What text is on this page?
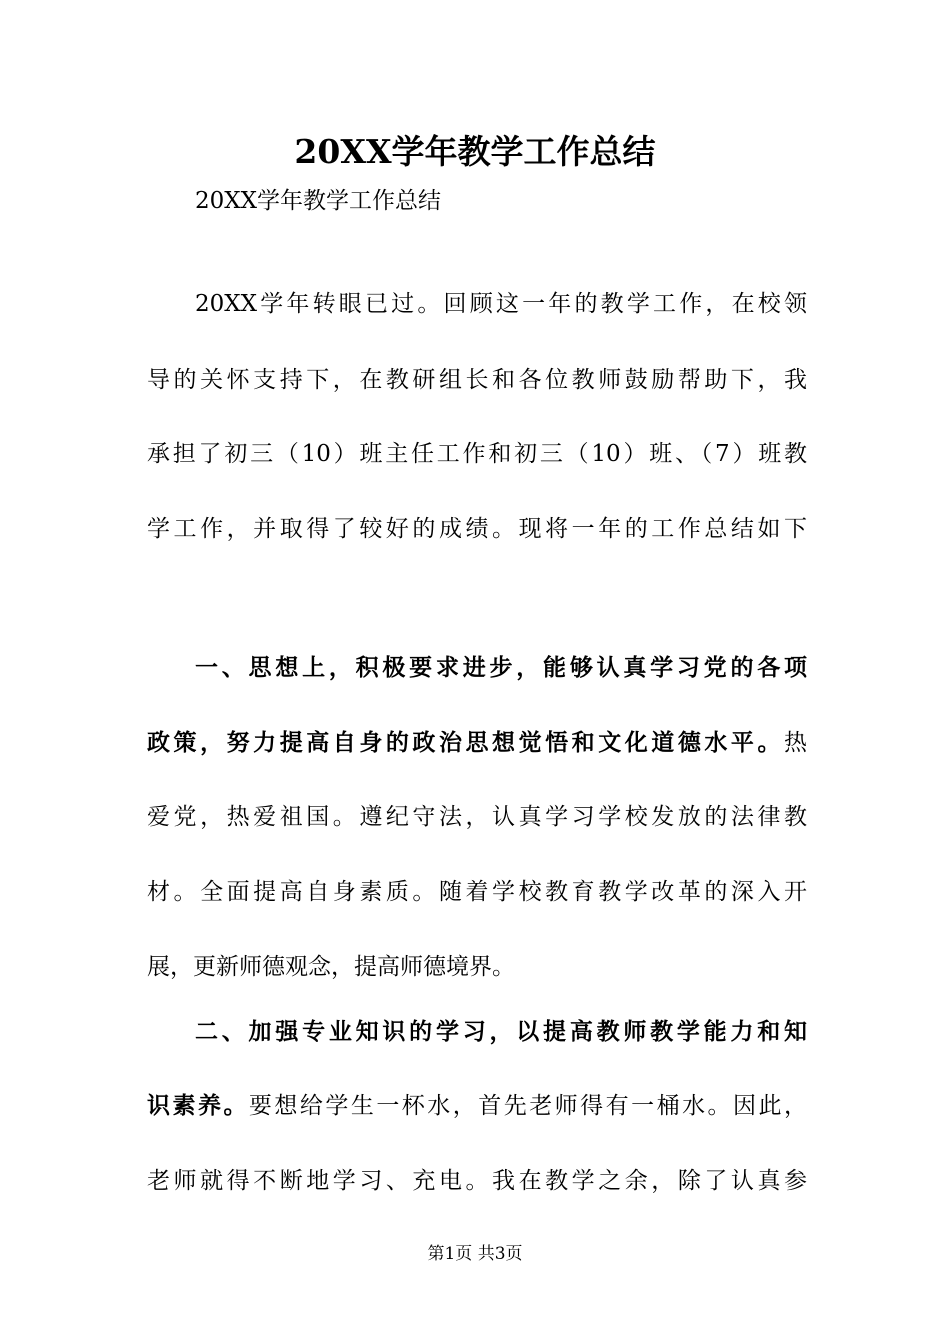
20XX学年教学工作总结
20XX学年教学工作总结
20XX学年转眼已过。回顾这一年的教学工作，在校领
导的关怀支持下，在教研组长和各位教师鼓励帮助下，我
承担了初三（10）班主任工作和初三（10）班、（7）班教
学工作，并取得了较好的成绩。现将一年的工作总结如下
一、思想上，积极要求进步，能够认真学习党的各项
政策，努力提高自身的政治思想觉悟和文化道德水平。热
爱党，热爱祖国。遵纪守法，认真学习学校发放的法律教
材。全面提高自身素质。随着学校教育教学改革的深入开
展，更新师德观念，提高师德境界。
二、加强专业知识的学习，以提高教师教学能力和知
识素养。要想给学生一杯水，首先老师得有一桶水。因此，
老师就得不断地学习、充电。我在教学之余，除了认真参
第1页 共3页
